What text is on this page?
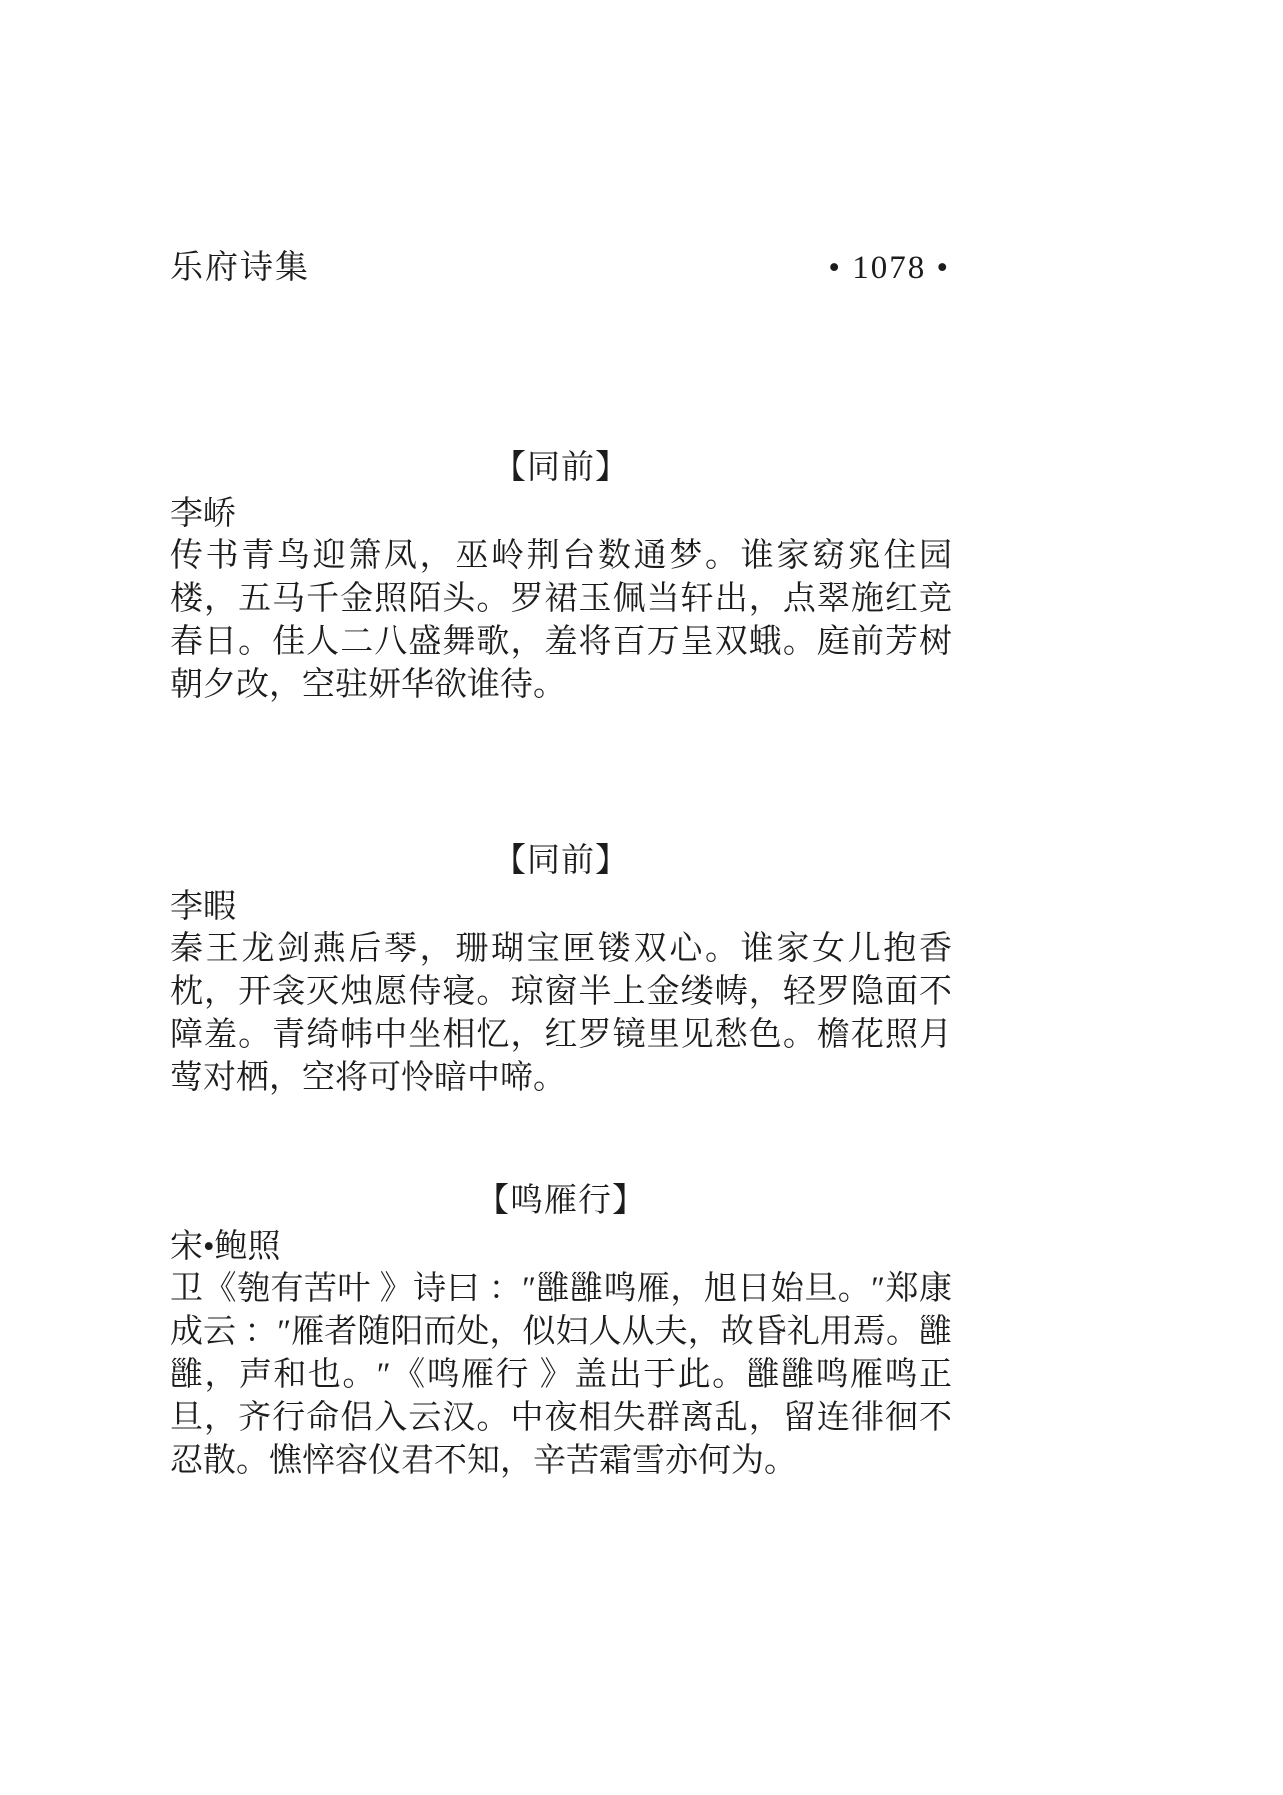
乐府诗集	• 1078 •
【同前】
李峤
传书青鸟迎箫凤，巫岭荆台数通梦。谁家窈宨住园楼，五马千金照陌头。罗裙玉佩当轩出，点翠施红竞春日。佳人二八盛舞歌，羞将百万呈双蛾。庭前芳树朝夕改，空驻妍华欲谁待。
【同前】
李暇
秦王龙剑燕后琴，珊瑚宝匣镂双心。谁家女儿抱香枕，开衾灭烛愿侍寝。琼窗半上金缕帱，轻罗隐面不障羞。青绮帏中坐相忆，红罗镜里见愁色。檐花照月莺对栖，空将可怜暗中啼。
【鸣雁行】
宋•鲍照
卫《匏有苦叶 》诗曰 ：″雝雝鸣雁，旭日始旦。″郑康成云 ：″雁者随阳而处，似妇人从夫，故昏礼用焉。雝雝，声和也。″《鸣雁行 》盖出于此。雝雝鸣雁鸣正旦，齐行命侣入云汉。中夜相失群离乱，留连徘徊不忍散。憔悴容仪君不知，辛苦霜雪亦何为。
